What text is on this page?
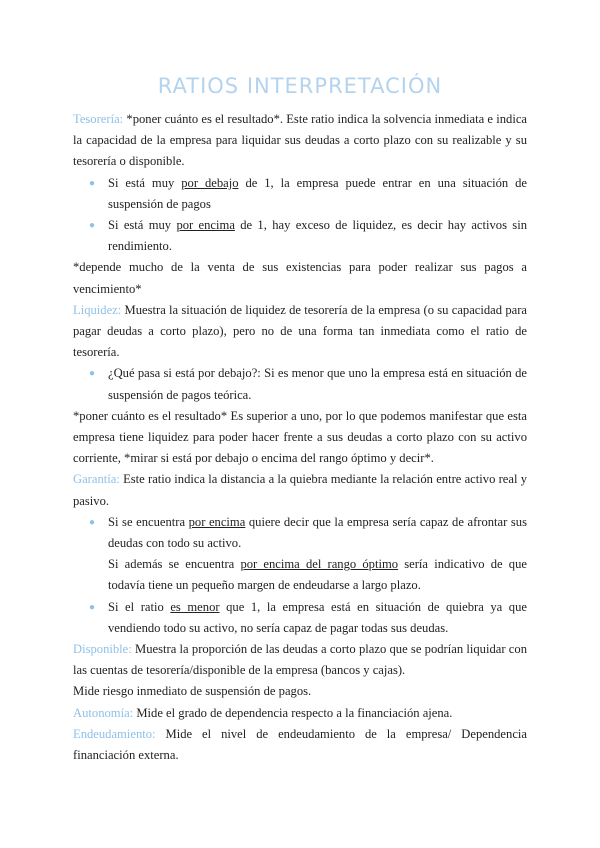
RATIOS INTERPRETACIÓN

Tesorería: *poner cuánto es el resultado*. Este ratio indica la solvencia inmediata e indica la capacidad de la empresa para liquidar sus deudas a corto plazo con su realizable y su tesorería o disponible.

● Si está muy por debajo de 1, la empresa puede entrar en una situación de suspensión de pagos
● Si está muy por encima de 1, hay exceso de liquidez, es decir hay activos sin rendimiento.

*depende mucho de la venta de sus existencias para poder realizar sus pagos a vencimiento*

Liquidez: Muestra la situación de liquidez de tesorería de la empresa (o su capacidad para pagar deudas a corto plazo), pero no de una forma tan inmediata como el ratio de tesorería.

● ¿Qué pasa si está por debajo?: Si es menor que uno la empresa está en situación de suspensión de pagos teórica.

*poner cuánto es el resultado* Es superior a uno, por lo que podemos manifestar que esta empresa tiene liquidez para poder hacer frente a sus deudas a corto plazo con su activo corriente, *mirar si está por debajo o encima del rango óptimo y decir*.

Garantía: Este ratio indica la distancia a la quiebra mediante la relación entre activo real y pasivo.

● Si se encuentra por encima quiere decir que la empresa sería capaz de afrontar sus deudas con todo su activo.
Si además se encuentra por encima del rango óptimo sería indicativo de que todavía tiene un pequeño margen de endeudarse a largo plazo.
● Si el ratio es menor que 1, la empresa está en situación de quiebra ya que vendiendo todo su activo, no sería capaz de pagar todas sus deudas.

Disponible: Muestra la proporción de las deudas a corto plazo que se podrían liquidar con las cuentas de tesorería/disponible de la empresa (bancos y cajas).

Mide riesgo inmediato de suspensión de pagos.

Autonomía: Mide el grado de dependencia respecto a la financiación ajena.

Endeudamiento: Mide el nivel de endeudamiento de la empresa/ Dependencia financiación externa.
